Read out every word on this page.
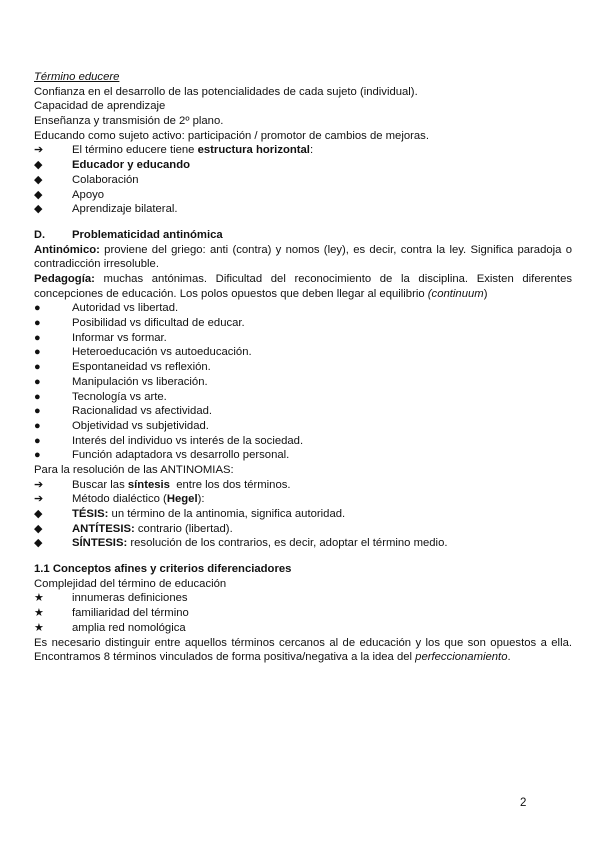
Término educere
Confianza en el desarrollo de las potencialidades de cada sujeto (individual).
Capacidad de aprendizaje
Enseñanza y transmisión de 2º plano.
Educando como sujeto activo: participación / promotor de cambios de mejoras.
➔	El término educere tiene estructura horizontal:
◆	Educador y educando
◆	Colaboración
◆	Apoyo
◆	Aprendizaje bilateral.
D.	Problematicidad antinómica
Antinómico: proviene del griego: anti (contra) y nomos (ley), es decir, contra la ley. Significa paradoja o contradicción irresoluble.
Pedagogía: muchas antónimas. Dificultad del reconocimiento de la disciplina. Existen diferentes concepciones de educación. Los polos opuestos que deben llegar al equilibrio (continuum)
●	Autoridad vs libertad.
●	Posibilidad vs dificultad de educar.
●	Informar vs formar.
●	Heteroeducación vs autoeducación.
●	Espontaneidad vs reflexión.
●	Manipulación vs liberación.
●	Tecnología vs arte.
●	Racionalidad vs afectividad.
●	Objetividad vs subjetividad.
●	Interés del individuo vs interés de la sociedad.
●	Función adaptadora vs desarrollo personal.
Para la resolución de las ANTINOMIAS:
➔	Buscar las síntesis  entre los dos términos.
➔	Método dialéctico (Hegel):
◆	TÉSIS: un término de la antinomia, significa autoridad.
◆	ANTÍTESIS: contrario (libertad).
◆	SÍNTESIS: resolución de los contrarios, es decir, adoptar el término medio.
1.1 Conceptos afines y criterios diferenciadores
Complejidad del término de educación
★	innumeras definiciones
★	familiaridad del término
★	amplia red nomológica
Es necesario distinguir entre aquellos términos cercanos al de educación y los que son opuestos a ella. Encontramos 8 términos vinculados de forma positiva/negativa a la idea del perfeccionamiento.
2
